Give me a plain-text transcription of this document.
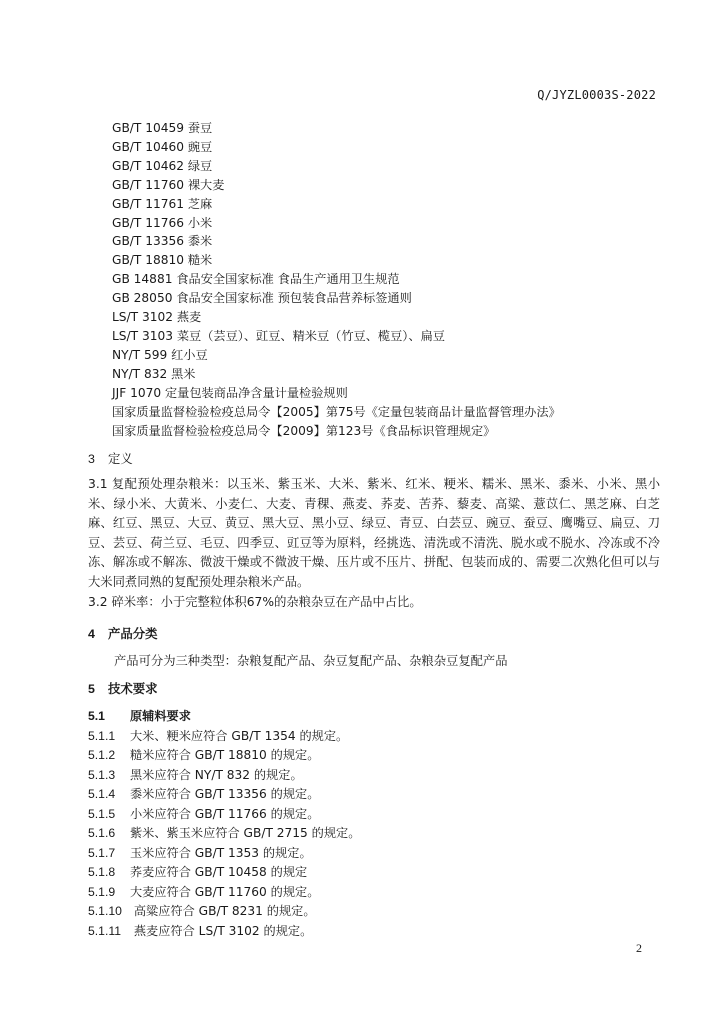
Q/JYZL0003S-2022
GB/T 10459 蚕豆
GB/T 10460 豌豆
GB/T 10462 绿豆
GB/T 11760 裸大麦
GB/T 11761 芝麻
GB/T 11766 小米
GB/T 13356 黍米
GB/T 18810 糙米
GB 14881 食品安全国家标准 食品生产通用卫生规范
GB 28050 食品安全国家标准 预包装食品营养标签通则
LS/T 3102 燕麦
LS/T 3103 菜豆（芸豆）、豇豆、精米豆（竹豆、榄豆）、扁豆
NY/T 599 红小豆
NY/T 832 黑米
JJF 1070 定量包装商品净含量计量检验规则
国家质量监督检验检疫总局令【2005】第75号《定量包装商品计量监督管理办法》
国家质量监督检验检疫总局令【2009】第123号《食品标识管理规定》
3 定义
3.1 复配预处理杂粮米：以玉米、紫玉米、大米、紫米、红米、粳米、糯米、黑米、黍米、小米、黑小米、绿小米、大黄米、小麦仁、大麦、青稞、燕麦、荞麦、苦荞、藜麦、高粱、薏苡仁、黑芝麻、白芝麻、红豆、黑豆、大豆、黄豆、黑大豆、黑小豆、绿豆、青豆、白芸豆、豌豆、蚕豆、鹰嘴豆、扁豆、刀豆、芸豆、荷兰豆、毛豆、四季豆、豇豆等为原料，经挑选、清洗或不清洗、脱水或不脱水、冷冻或不冷冻、解冻或不解冻、微波干燥或不微波干燥、压片或不压片、拼配、包装而成的、需要二次熟化但可以与大米同煮同熟的复配预处理杂粮米产品。
3.2 碎米率：小于完整粒体积67%的杂粮杂豆在产品中占比。
4 产品分类
产品可分为三种类型：杂粮复配产品、杂豆复配产品、杂粮杂豆复配产品
5 技术要求
5.1 原辅料要求
5.1.1 大米、粳米应符合 GB/T 1354 的规定。
5.1.2 糙米应符合 GB/T 18810 的规定。
5.1.3 黑米应符合 NY/T 832 的规定。
5.1.4 黍米应符合 GB/T 13356 的规定。
5.1.5 小米应符合 GB/T 11766 的规定。
5.1.6 紫米、紫玉米应符合 GB/T 2715 的规定。
5.1.7 玉米应符合 GB/T 1353 的规定。
5.1.8 荞麦应符合 GB/T 10458 的规定
5.1.9 大麦应符合 GB/T 11760 的规定。
5.1.10 高粱应符合 GB/T 8231 的规定。
5.1.11 燕麦应符合 LS/T 3102 的规定。
2
